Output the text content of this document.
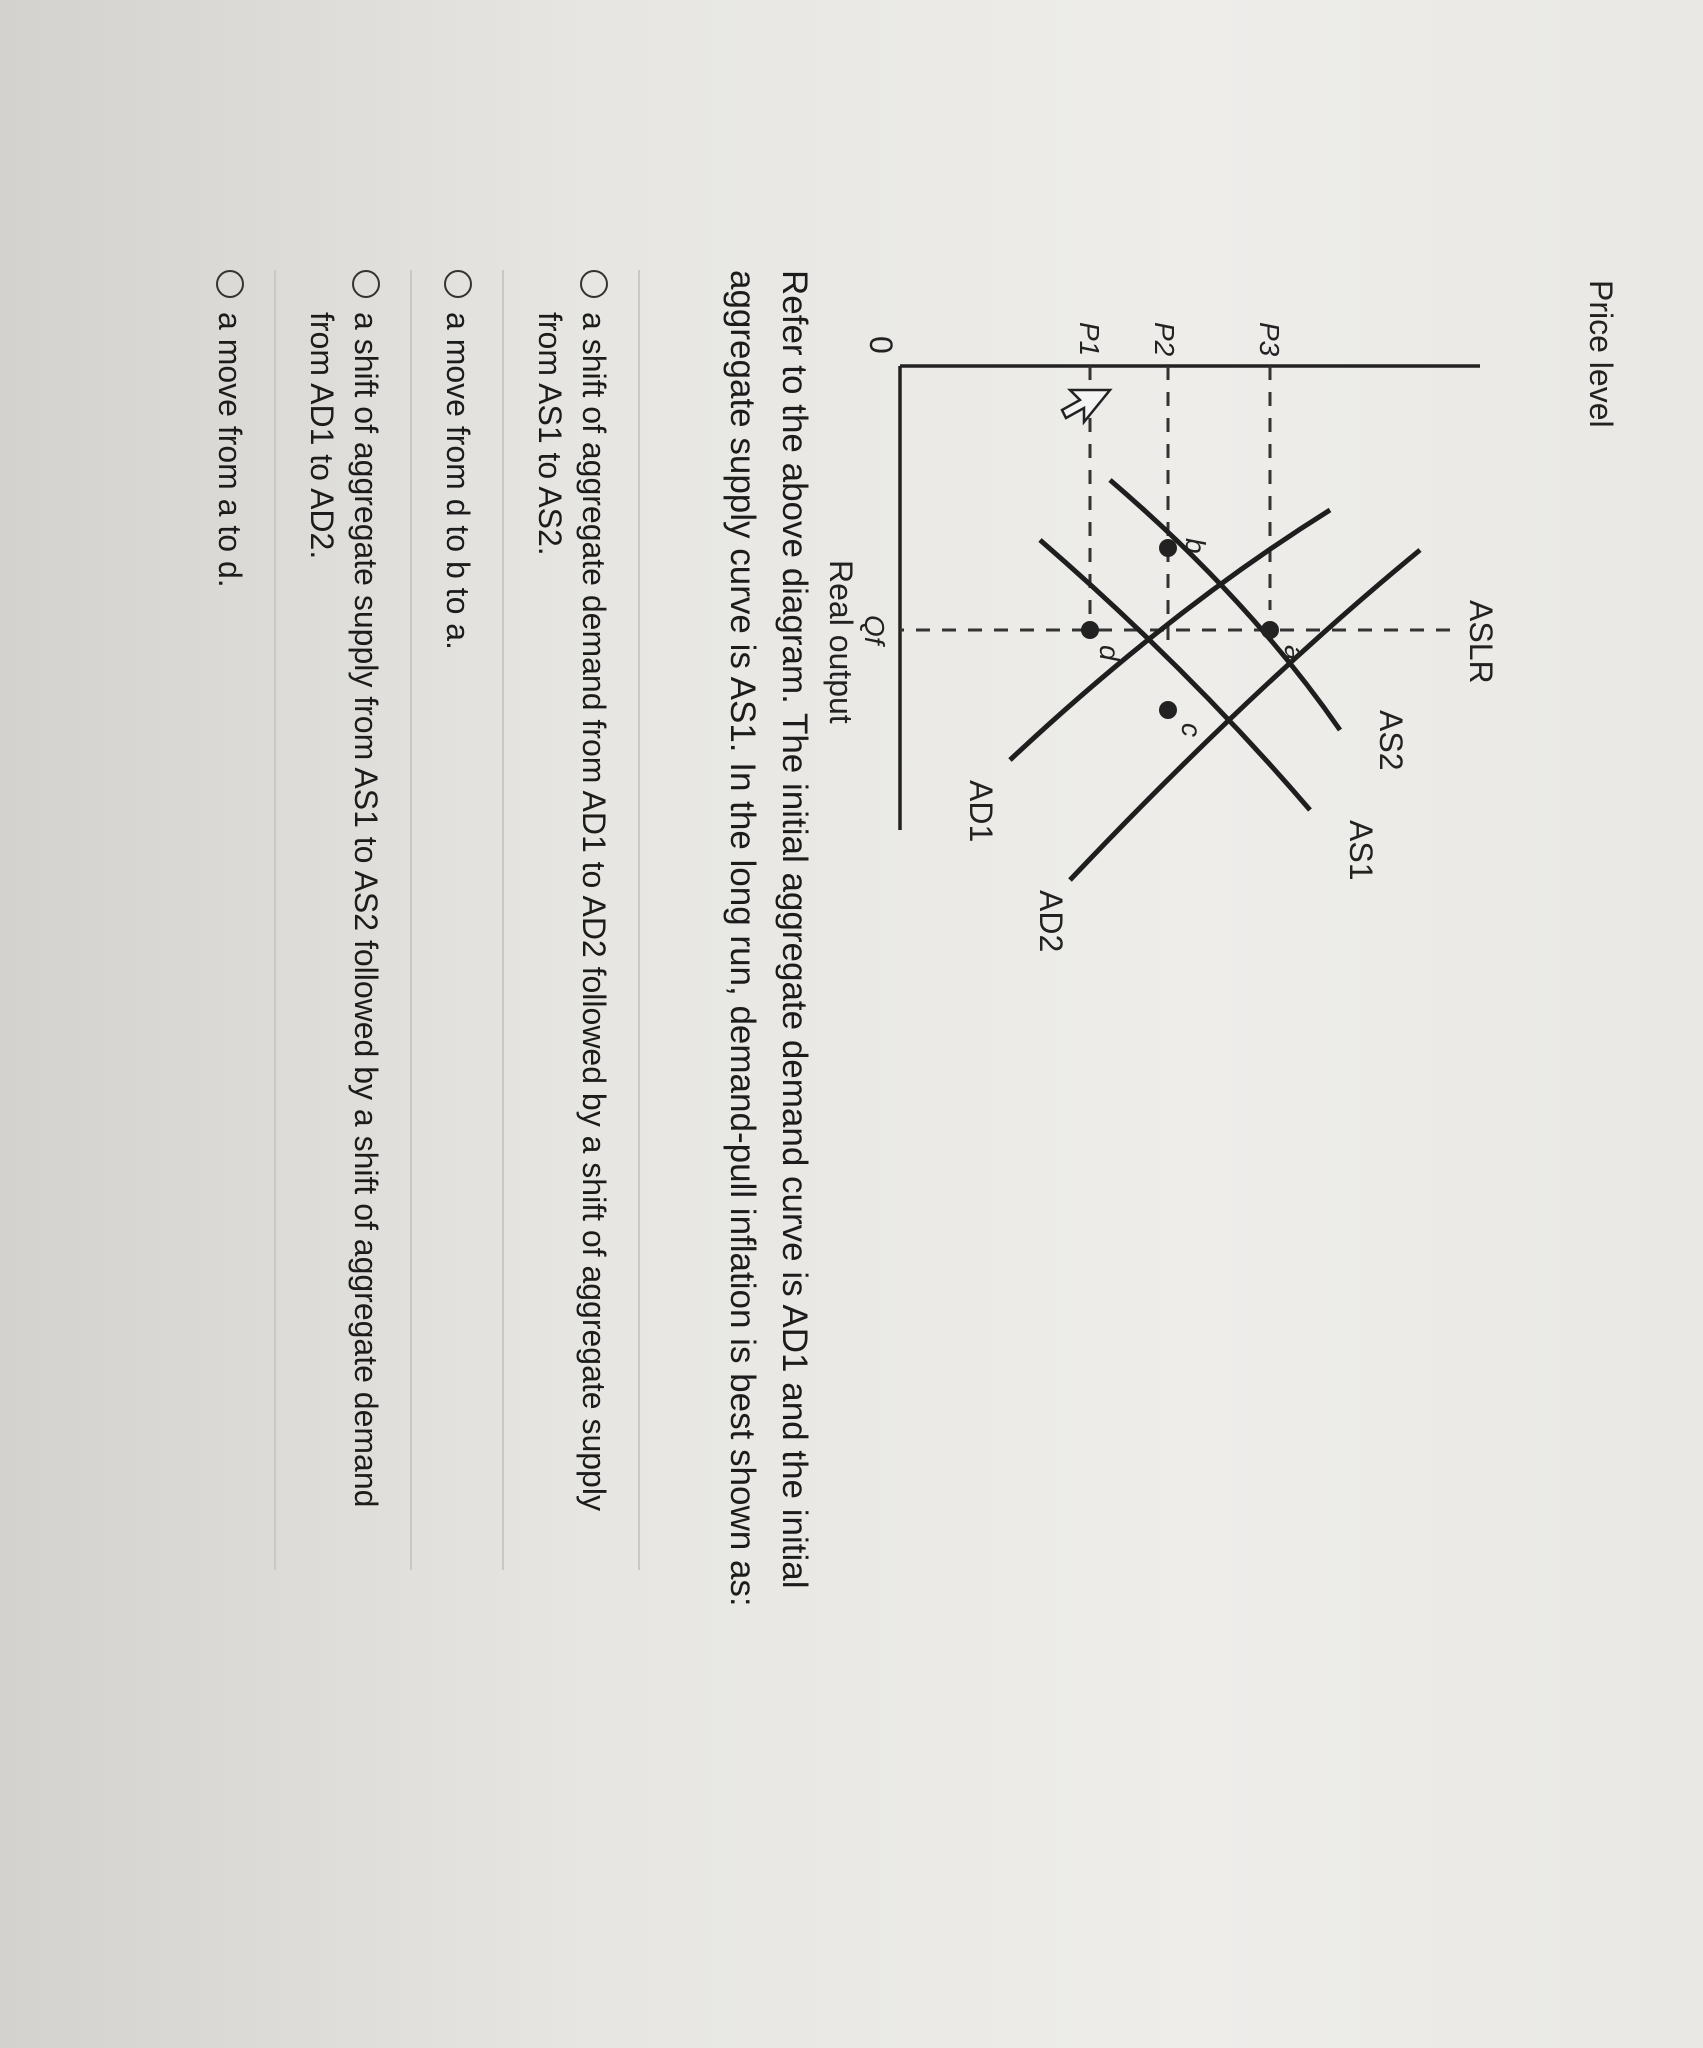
Price level
Real output
0	P3
P2
P1
ASLR
Qf
AS2
AS1
AD1
AD2
a
b
c
d

Refer to the above diagram. The initial aggregate demand curve is AD1 and the initial aggregate supply curve is AS1. In the long run, demand-pull inflation is best shown as:

a shift of aggregate demand from AD1 to AD2 followed by a shift of aggregate supply from AS1 to AS2.
a move from d to b to a.
a shift of aggregate supply from AS1 to AS2 followed by a shift of aggregate demand from AD1 to AD2.
a move from a to d.
